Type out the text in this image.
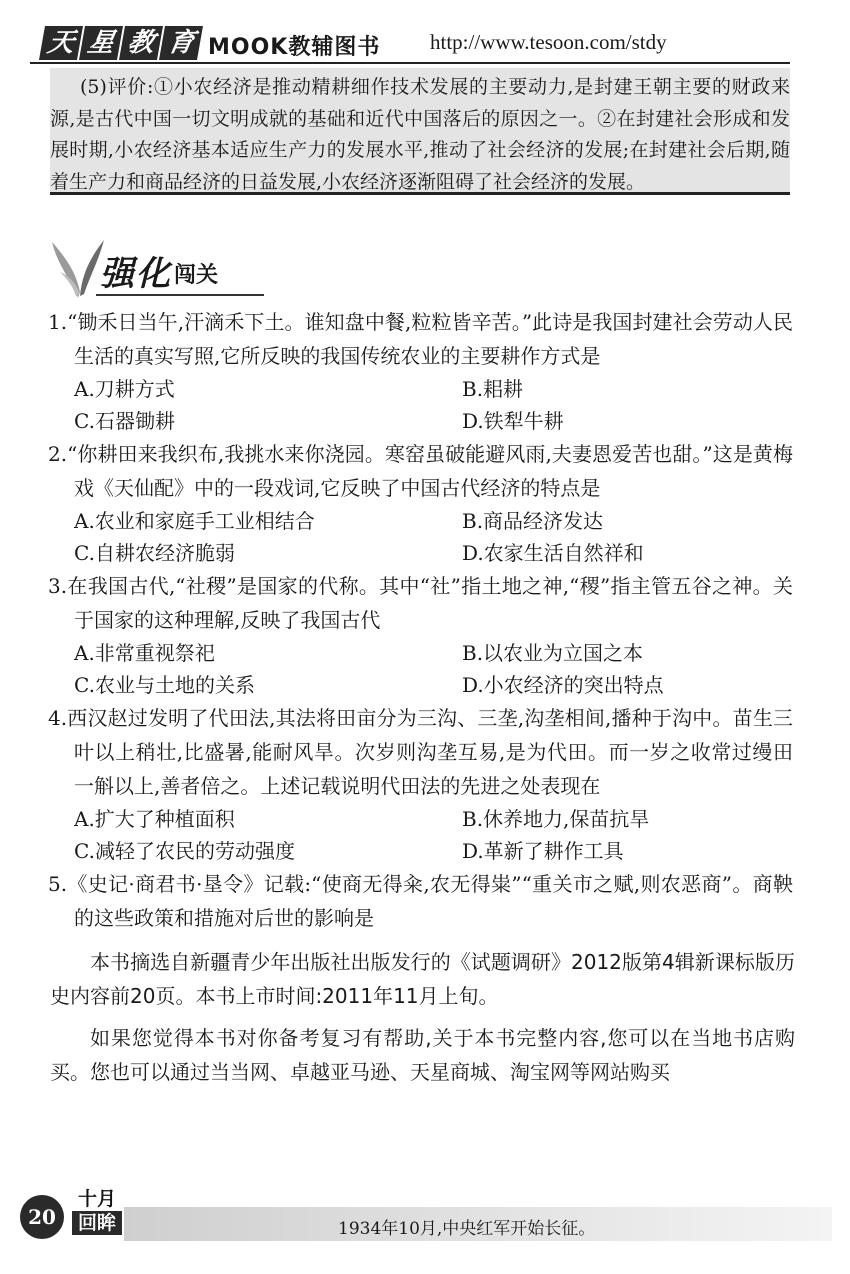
天 星 教 育 MOOK教辅图书 http://www.tesoon.com/stdy

(5)评价:①小农经济是推动精耕细作技术发展的主要动力,是封建王朝主要的财政来源,是古代中国一切文明成就的基础和近代中国落后的原因之一。②在封建社会形成和发展时期,小农经济基本适应生产力的发展水平,推动了社会经济的发展;在封建社会后期,随着生产力和商品经济的日益发展,小农经济逐渐阻碍了社会经济的发展。

强化 闯关
1.“锄禾日当午,汗滴禾下土。谁知盘中餐,粒粒皆辛苦。”此诗是我国封建社会劳动人民生活的真实写照,它所反映的我国传统农业的主要耕作方式是
A.刀耕方式	B.耜耕
C.石器锄耕	D.铁犁牛耕
2.“你耕田来我织布,我挑水来你浇园。寒窑虽破能避风雨,夫妻恩爱苦也甜。”这是黄梅戏《天仙配》中的一段戏词,它反映了中国古代经济的特点是
A.农业和家庭手工业相结合	B.商品经济发达
C.自耕农经济脆弱	D.农家生活自然祥和
3.在我国古代,“社稷”是国家的代称。其中“社”指土地之神,“稷”指主管五谷之神。关于国家的这种理解,反映了我国古代
A.非常重视祭祀	B.以农业为立国之本
C.农业与土地的关系	D.小农经济的突出特点
4.西汉赵过发明了代田法,其法将田亩分为三沟、三垄,沟垄相间,播种于沟中。苗生三叶以上稍壮,比盛暑,能耐风旱。次岁则沟垄互易,是为代田。而一岁之收常过缦田一斛以上,善者倍之。上述记载说明代田法的先进之处表现在
A.扩大了种植面积	B.休养地力,保苗抗旱
C.减轻了农民的劳动强度	D.革新了耕作工具
5.《史记·商君书·垦令》记载:“使商无得籴,农无得粜”“重关市之赋,则农恶商”。商鞅的这些政策和措施对后世的影响是

本书摘选自新疆青少年出版社出版发行的《试题调研》2012版第4辑新课标版历史内容前20页。本书上市时间:2011年11月上旬。

如果您觉得本书对你备考复习有帮助,关于本书完整内容,您可以在当地书店购买。您也可以通过当当网、卓越亚马逊、天星商城、淘宝网等网站购买

20
十月
回眸	1934年10月,中央红军开始长征。
